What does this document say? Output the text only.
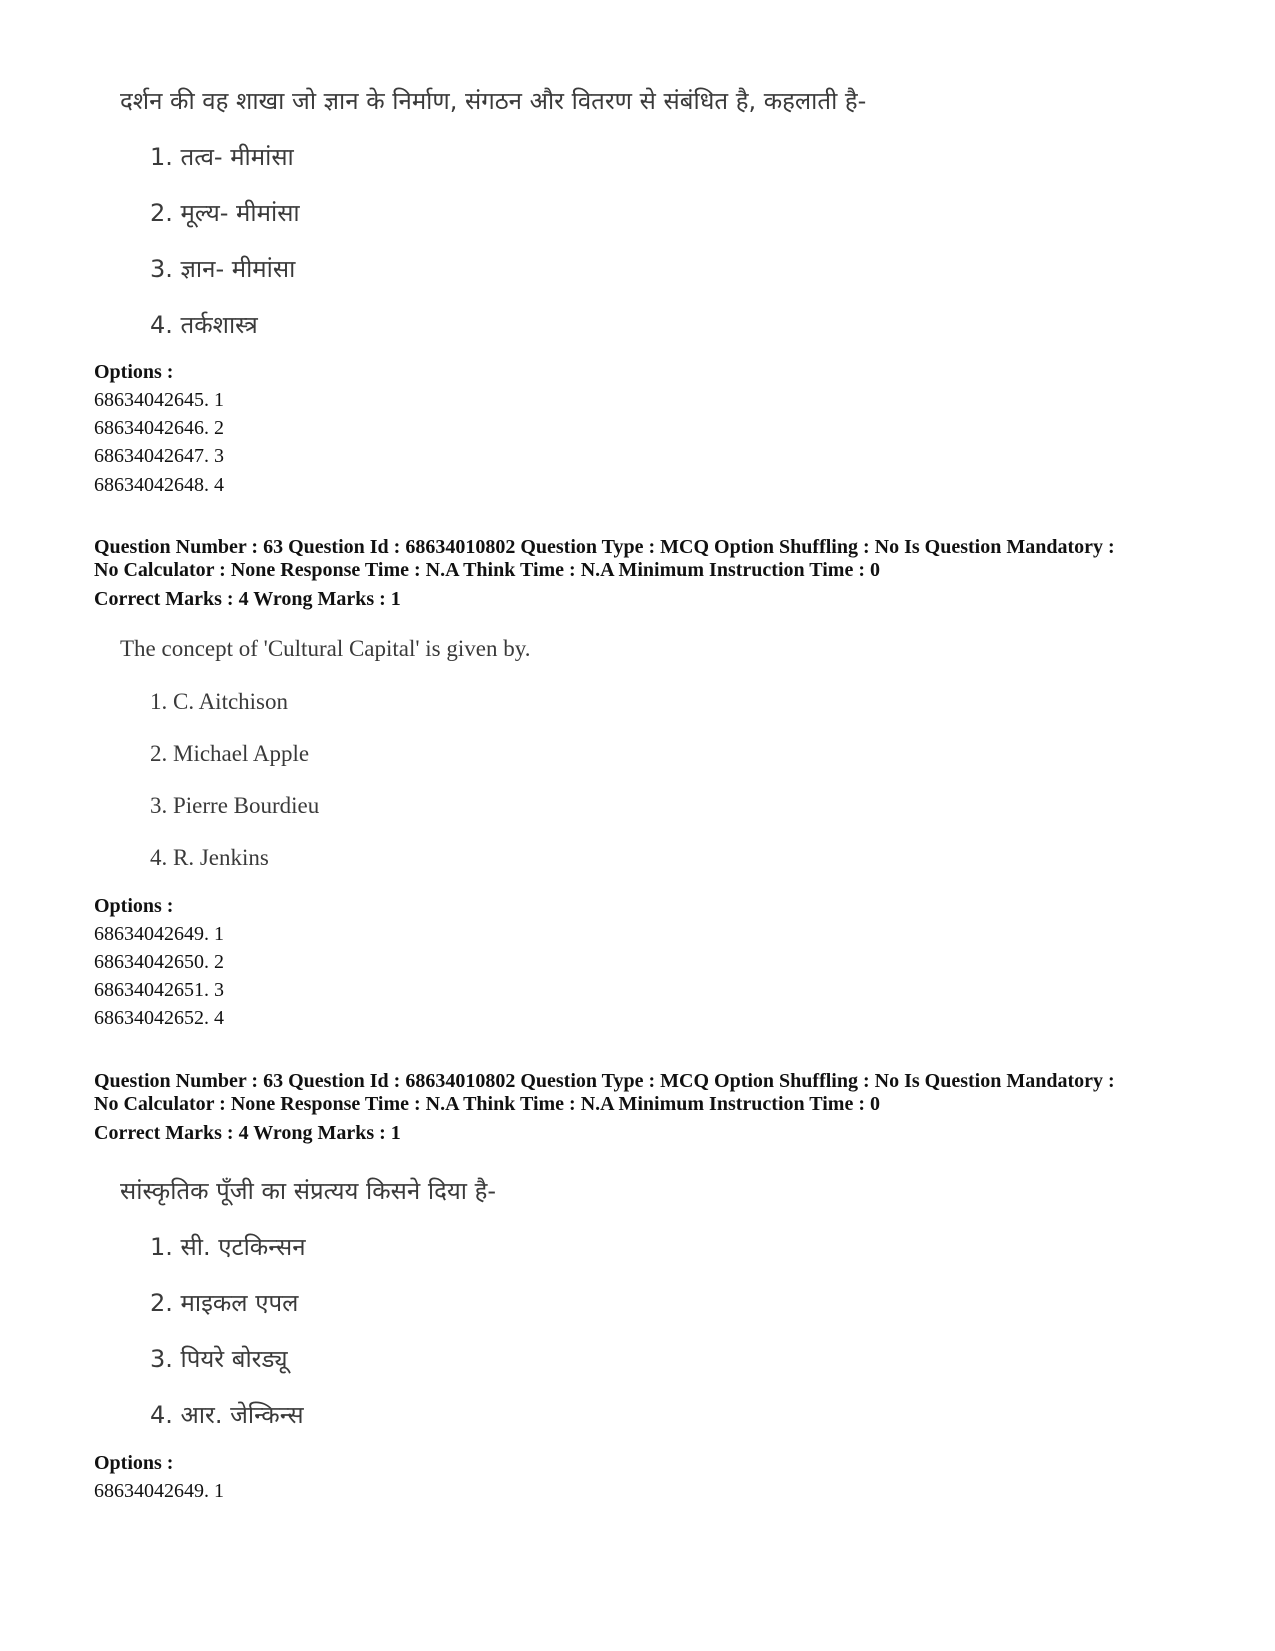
दर्शन की वह शाखा जो ज्ञान के निर्माण, संगठन और वितरण से संबंधित है, कहलाती है-
1. तत्व- मीमांसा
2. मूल्य- मीमांसा
3. ज्ञान- मीमांसा
4. तर्कशास्त्र
Options :
68634042645. 1
68634042646. 2
68634042647. 3
68634042648. 4
Question Number : 63 Question Id : 68634010802 Question Type : MCQ Option Shuffling : No Is Question Mandatory :
No Calculator : None Response Time : N.A Think Time : N.A Minimum Instruction Time : 0
Correct Marks : 4 Wrong Marks : 1
The concept of 'Cultural Capital' is given by.
1. C. Aitchison
2. Michael Apple
3. Pierre Bourdieu
4. R. Jenkins
Options :
68634042649. 1
68634042650. 2
68634042651. 3
68634042652. 4
Question Number : 63 Question Id : 68634010802 Question Type : MCQ Option Shuffling : No Is Question Mandatory :
No Calculator : None Response Time : N.A Think Time : N.A Minimum Instruction Time : 0
Correct Marks : 4 Wrong Marks : 1
सांस्कृतिक पूँजी का संप्रत्यय किसने दिया है-
1. सी. एटकिन्सन
2. माइकल एपल
3. पियरे बोरड्यू
4. आर. जेन्किन्स
Options :
68634042649. 1
